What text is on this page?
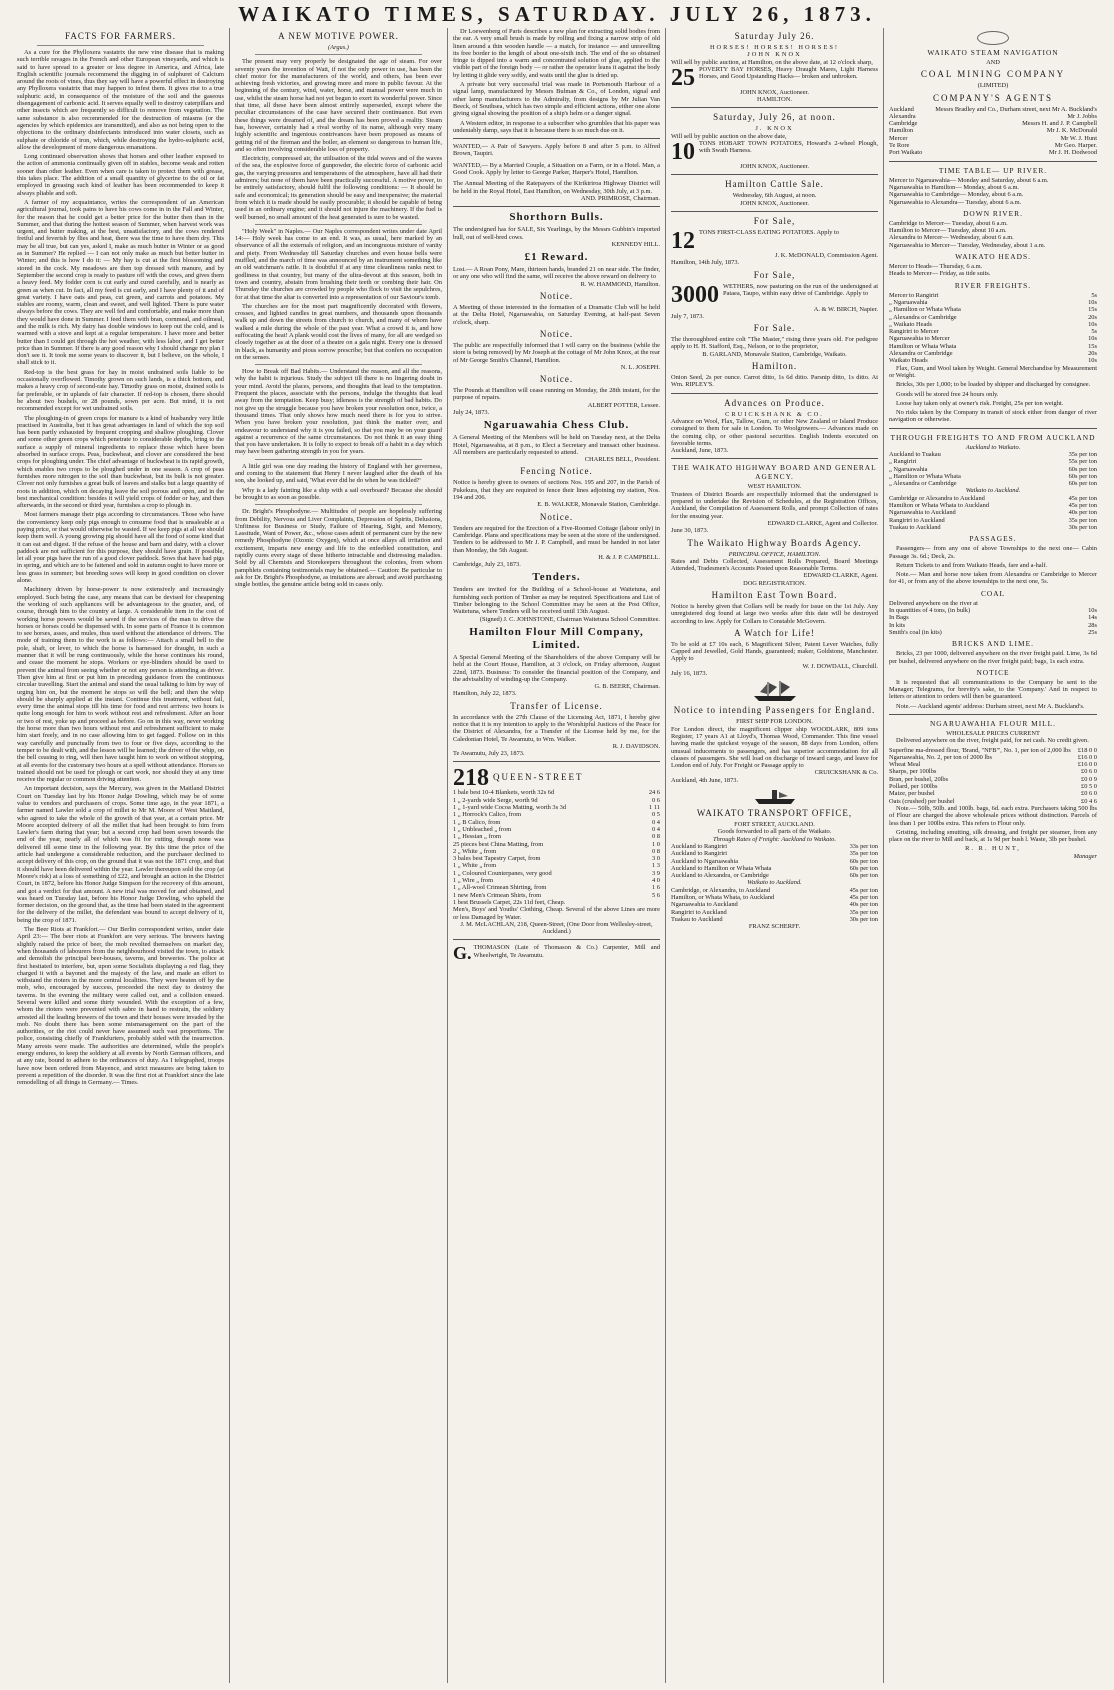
WAIKATO TIMES, SATURDAY. JULY 26, 1873.
FACTS FOR FARMERS.

As a cure for the Phylloxera vastatrix the new vine disease that is making such terrible ravages in the French and other European vineyards, and which is said to have spread to a greater or less degree in America, and Africa, late English scientific journals recommend the digging in of sulphuret of Calcium around the roots of vines, thus they say will have a powerful effect in destroying any Phylloxera vastatrix that may happen to infest them. It gives rise to a true sulphuric acid, in consequence of the moisture of the soil and the gaseous disengagement of carbonic acid. It serves equally well to destroy caterpillars and other insects which are frequently so difficult to remove from vegetation. The same substance is also recommended for the destruction of miasms (or the agencies by which epidemics are transmitted), and also as not being open to the objections to the ordinary disinfectants introduced into water closets, such as sulphate or chloride of iron, which, while destroying the hydro-sulphuric acid, allow the development of more dangerous emanations.

Long continued observation shows that horses and other leather exposed to the action of ammonia continually given off in stables, become weak and rotten sooner than other leather. Even when care is taken to protect them with grease, this takes place. The addition of a small quantity of glycerine to the oil or fat employed in greasing such kind of leather has been recommended to keep it always pliable and soft.

A farmer of my acquaintance, writes the correspondent of an American agricultural journal, took pains to have his cows come in in the Fall and Winter, for the reason that he could get a better price for the butter then than in the Summer, and that during the hottest season of Summer, when harvest work was urgent, and butter making, at the best, unsatisfactory, and the cows rendered fretful and feverish by flies and heat, there was the time to have them dry. This may be all true, but can yes, asked I, make as much butter in Winter or as good as in Summer? He replied — I can not only make as much but better butter in Winter; and this is how I do it: — My hay is cut at the first blossoming and stored in the cock. My meadows are then top dressed with manure, and by September the second crop is ready to pasture off with the cows, and gives them a heavy feed. My fodder corn is cut early and cured carefully, and is nearly as green as when cut. In fact, all my feed is cut early, and I have plenty of it and of great variety. I have oats and peas, cut green, and carrots and potatoes. My stables are roomy, warm, clean and sweet, and well lighted. There is pure water always before the cows. They are well fed and comfortable, and make more than they would have done in Summer. I feed them with bran, cornmeal, and oilmeal, and the milk is rich. My dairy has double windows to keep out the cold, and is warmed with a stove and kept at a regular temperature. I have more and better butter than I could get through the hot weather, with less labor, and I get better price than in Summer. If there is any good reason why I should change my plan I don't see it. It took me some years to discover it, but I believe, on the whole, I shall stick to it.

Red-top is the best grass for hay in moist undrained soils liable to be occasionally overflowed. Timothy grown on such lands, is a thick bottom, and makes a heavy crop of second-rate hay. Timothy grass on moist, drained soils is far preferable, or in uplands of fair character. If red-top is chosen, there should be about two bushels, or 28 pounds, sown per acre. But mind, it is not recommended except for wet undrained soils.

The ploughing-in of green crops for manure is a kind of husbandry very little practised in Australia, but it has great advantages in land of which the top soil has been partly exhausted by frequent cropping and shallow ploughing. Clover and some other green crops which penetrate to considerable depths, bring to the surface a supply of mineral ingredients to replace those which have been absorbed in surface crops. Peas, buckwheat, and clover are considered the best crops for ploughing under. The chief advantage of buckwheat is its rapid growth, which enables two crops to be ploughed under in one season. A crop of peas furnishes more nitrogen to the soil than buckwheat, but its bulk is not greater. Clover not only furnishes a great bulk of leaves and stalks but a large quantity of roots in addition, which on decaying leave the soil porous and open, and in the best mechanical condition: besides it will yield crops of fodder or hay, and then afterwards, in the second or third year, furnishes a crop to plough in.

Most farmers manage their pigs according to circumstances. Those who have the conveniency keep only pigs enough to consume food that is unsaleable at a paying price, or that would otherwise be wasted. If we keep pigs at all we should keep them well. A young growing pig should have all the food of some kind that it can eat and digest. If the refuse of the house and barn and dairy, with a clover paddock are not sufficient for this purpose, they should have grain. If possible, let all your pigs have the run of a good clover paddock. Sows that have had pigs in spring, and which are to be fattened and sold in autumn ought to have more or less grass in summer; but breeding sows will keep in good condition on clover alone.

Machinery driven by horse-power is now extensively and increasingly employed. Such being the case, any means that can be devised for cheapening the working of such appliances will be advantageous to the grazier, and, of course, through him to the country at large. A considerable item in the cost of working horse powers would be saved if the services of the man to drive the horses or horses could be dispensed with. In some parts of France it is common to see horses, asses, and mules, thus used without the attendance of drivers. The mode of training them to the work is as follows:— Attach a small bell to the pole, shaft, or lever, to which the horse is harnessed for draught, in such a manner that it will be rung continuously, while the horse continues his round, and cease the moment he stops. Workers or eye-blinders should be used to prevent the animal from seeing whether or not any person is attending as driver. Then give him at first or put him in preceding guidance from the continuous circular travelling. Start the animal and stand the usual talking to him by way of urging him on, but the moment he stops so will the bell; and then the whip should be sharply applied at the instant. Continue this treatment, without fail, every time the animal stops till his time for food and rest arrives: two hours is quite long enough for him to work without rest and refreshment. After an hour or two of rest, yoke up and proceed as before. Go on in this way, never working the horse more than two hours without rest and refreshment sufficient to make him start freely, and in no case allowing him to get fagged. Follow on in this way carefully and punctually from two to four or five days, according to the temper to be dealt with, and the lesson will be learned; the driver of the whip, on the bell ceasing to ring, will then have taught him to work on without stopping, at all events for the customary two hours at a spell without attendance. Horses so trained should not be used for plough or cart work, nor should they at any time receive the regular or common driving attention.

An important decision, says the Mercury, was given in the Maitland District Court on Tuesday last by his Honor Judge Dowling, which may be of some value to vendors and purchasers of crops. Some time ago, in the year 1871, a farmer named Lawler sold a crop of millet to Mr M. Moore of West Maitland, who agreed to take the whole of the growth of that year, at a certain price. Mr Moore accepted delivery of all the millet that had been brought to him from Lawler's farm during that year; but a second crop had been sown towards the end of the year, nearly all of which was fit for cutting, though none was delivered till some time in the following year. By this time the price of the article had undergone a considerable reduction, and the purchaser declined to accept delivery of this crop, on the ground that it was not the 1871 crop, and that it should have been delivered within the year. Lawler thereupon sold the crop (at Moore's risk) at a loss of something of £22, and brought an action in the District Court, in 1872, before his Honor Judge Simpson for the recovery of this amount, and got a verdict for that amount. A new trial was moved for and obtained, and was heard on Tuesday last, before his Honor Judge Dowling, who upheld the former decision, on the ground that, as the time had been stated in the agreement for the delivery of the millet, the defendant was bound to accept delivery of it, being the crop of 1871.

The Beer Riots at Frankfort.— Our Berlin correspondent writes, under date April 23:— The beer riots at Frankfort are very serious. The brewers having slightly raised the price of beer, the mob revolted themselves on market day, when thousands of labourers from the neighbourhood visited the town, to attack and demolish the principal beer-houses, taverns, and breweries. The police at first hesitated to interfere, but, upon some Socialists displaying a red flag, they charged it with a bayonet and the majesty of the law, and made an effort to withstand the rioters in the more central localities. They were beaten off by the mob, who, encouraged by success, proceeded the next day to destroy the taverns. In the evening the military were called out, and a collision ensued. Several were killed and some thirty wounded. With the exception of a few, whom the rioters were prevented with sabre in hand to restrain, the soldiery arrested all the leading brewers of the town and their houses were invaded by the mob. No doubt there has been some mismanagement on the part of the authorities, or the riot could never have assumed such vast proportions. The police, consisting chiefly of Frankfurters, probably sided with the insurrection. Many arrests were made. The authorities are determined, while the people's energy endures, to keep the soldiery at all events by North German officers, and at any rate, bound to adhere to the ordinances of duty. As I telegraphed, troops have now been ordered from Mayence, and strict measures are being taken to prevent a repetition of the disorder. It was the first riot at Frankfort since the late remodelling of all things in Germany.— Times.

A NEW MOTIVE POWER.
(Argus.)

The present may very properly be designated the age of steam. For over seventy years the invention of Watt, if not the only power in use, has been the chief motor for the manufacturers of the world, and others, has been ever achieving fresh victories, and growing more and more in public favour. At the beginning of the century, wind, water, horse, and manual power were much in use, whilst the steam horse had not yet begun to exert its wonderful power. Since that time, all these have been almost entirely superseded, except where the peculiar circumstances of the case have secured their continuance. But even these things were dreamed of, and the dream has been proved a reality. Steam has, however, certainly had a rival worthy of its name, although very many highly scientific and ingenious contrivances have been proposed as means of getting rid of the fireman and the boiler, an element so dangerous to human life, and so often involving considerable loss of property.

Electricity, compressed air, the utilisation of the tidal waves and of the waves of the sea, the explosive force of gunpowder, the electric force of carbonic acid gas, the varying pressures and temperatures of the atmosphere, have all had their admirers; but none of them have been practically successful. A motive power, to be entirely satisfactory, should fulfil the following conditions: — It should be safe and economical; its generation should be easy and inexpensive; the material from which it is made should be easily procurable; it should be capable of being used in an ordinary engine; and it should not injure the machinery. If the fuel is well burned, no small amount of the heat generated is sure to be wasted.

"Holy Week" in Naples.— Our Naples correspondent writes under date April 14:— Holy week has come to an end. It was, as usual, here marked by an observance of all the externals of religion, and an incongruous mixture of vanity and piety. From Wednesday till Saturday churches and even house bells were muffled, and the march of time was announced by an instrument something like an old watchman's rattle. It is doubtful if at any time cleanliness ranks next to godliness in that country, but many of the ultra-devout at this season, both in town and country, abstain from brushing their teeth or combing their hair. On Thursday the churches are crowded by people who flock to visit the sepulchres, for at that time the altar is converted into a representation of our Saviour's tomb.

The churches are for the most part magnificently decorated with flowers, crosses, and lighted candles in great numbers, and thousands upon thousands walk up and down the streets from church to church, and many of whom have walked a mile during the whole of the past year. What a crowd it is, and how suffocating the heat! A plank would cost the lives of many, for all are wedged so closely together as at the door of a theatre on a gala night. Every one is dressed in black, as humanity and pious sorrow prescribe; but that confers no occupation on the senses.

How to Break off Bad Habits.— Understand the reason, and all the reasons, why the habit is injurious. Study the subject till there is no lingering doubt in your mind. Avoid the places, persons, and thoughts that lead to the temptation. Frequent the places, associate with the persons, indulge the thoughts that lead away from the temptation. Keep busy; idleness is the strength of bad habits. Do not give up the struggle because you have broken your resolution once, twice, a thousand times. That only shows how much need there is for you to strive. When you have broken your resolution, just think the matter over, and endeavour to understand why it is you failed, so that you may be on your guard against a recurrence of the same circumstances. Do not think it an easy thing that you have undertaken. It is folly to expect to break off a habit in a day which may have been gathering strength in you for years.

A little girl was one day reading the history of England with her governess, and coming to the statement that Henry I never laughed after the death of his son, she looked up, and said, 'What ever did he do when he was tickled?'

Why is a lady fainting like a ship with a sail overboard? Because she should be brought to as soon as possible.

Dr. Bright's Phosphodyne.— Multitudes of people are hopelessly suffering from Debility, Nervous and Liver Complaints, Depression of Spirits, Delusions, Unfitness for Business or Study, Failure of Hearing, Sight, and Memory, Lassitude, Want of Power, &c., whose cases admit of permanent cure by the new remedy Phosphodyne (Ozonic Oxygen), which at once allays all irritation and excitement, imparts new energy and life to the enfeebled constitution, and rapidly cures every stage of these hitherto intractable and distressing maladies. Sold by all Chemists and Storekeepers throughout the colonies, from whom pamphlets containing testimonials may be obtained.— Caution: Be particular to ask for Dr. Bright's Phosphodyne, as imitations are abroad; and avoid purchasing single bottles, the genuine article being sold in cases only.

Dr Loewenberg of Paris describes a new plan for extracting solid bodies from the ear. A very small brush is made by rolling and fixing a narrow strip of old linen around a thin wooden handle — a match, for instance — and unravelling its free border to the length of about one-sixth inch. The end of the so obtained fringe is dipped into a warm and concentrated solution of glue, applied to the visible part of the foreign body — or rather the operator leans it against the body by letting it glide very softly, and waits until the glue is dried up.

A private but very successful trial was made in Portsmouth Harbour of a signal lamp, manufactured by Messrs Bulman & Co., of London, signal and other lamp manufacturers to the Admiralty, from designs by Mr Julian Van Beeck, of Southsea, which has two simple and efficient actions, either one alone giving signal showing the position of a ship's helm or a danger signal.

A Western editor, in response to a subscriber who grumbles that his paper was undeniably damp, says that it is because there is so much due on it.

WANTED,— A Pair of Sawyers. Apply before 8 and after 5 p.m. to Alfred Brown, Taupiri.
WANTED,— By a Married Couple, a Situation on a Farm, or in a Hotel. Man, a Good Cook. Apply by letter to George Parker, Harper's Hotel, Hamilton.
The Annual Meeting of the Ratepayers of the Kirikiriroa Highway District will be held in the Royal Hotel, East Hamilton, on Wednesday, 30th July, at 3 p.m.
AND. PRIMROSE, Chairman.
Shorthorn Bulls.
The undersigned has for SALE, Six Yearlings, by the Messrs Gubbin's imported bull, out of well-bred cows.
KENNEDY HILL.
£1 Reward.
Lost.— A Roan Pony, Mare, thirteen hands, branded 21 on near side. The finder, or any one who will find the same, will receive the above reward on delivery to
R. W. HAMMOND, Hamilton.
Notice.
A Meeting of those interested in the formation of a Dramatic Club will be held at the Delta Hotel, Ngaruawahia, on Saturday Evening, at half-past Seven o'clock, sharp.
Notice.
The public are respectfully informed that I will carry on the business (while the store is being removed) by Mr Joseph at the cottage of Mr John Knox, at the rear of Mr George Smith's Channel, Hamilton.
N. L. JOSEPH.
Notice.
The Pounds at Hamilton will cease running on Monday, the 28th instant, for the purpose of repairs.
ALBERT POTTER, Lessee.
July 24, 1873.
Ngaruawahia Chess Club.
A General Meeting of the Members will be held on Tuesday next, at the Delta Hotel, Ngaruawahia, at 8 p.m., to Elect a Secretary and transact other business. All members are particularly requested to attend.
CHARLES BELL, President.
Fencing Notice.
Notice is hereby given to owners of sections Nos. 195 and 207, in the Parish of Pukekura, that they are required to fence their lines adjoining my station, Nos. 194 and 206.
E. B. WALKER, Monavale Station, Cambridge.
Notice.
Tenders are required for the Erection of a Five-Roomed Cottage (labour only) in Cambridge. Plans and specifications may be seen at the store of the undersigned. Tenders to be addressed to Mr J. P. Campbell, and must be handed in not later than Monday, the 5th August.
H. & J. P. CAMPBELL.
Cambridge, July 23, 1873.
Tenders.
Tenders are invited for the Building of a School-house at Waitetuna, and furnishing such portion of Timber as may be required. Specifications and List of Timber belonging to the School Committee may be seen at the Post Office, Waitetuna, where Tenders will be received until 13th August.
(Signed) J. C. JOHNSTONE, Chairman Waitetuna School Committee.
Hamilton Flour Mill Company, Limited.
A Special General Meeting of the Shareholders of the above Company will be held at the Court House, Hamilton, at 3 o'clock, on Friday afternoon, August 22nd, 1873. Business: To consider the financial position of the Company, and the advisability of winding-up the Company.
G. B. BEERE, Chairman.
Hamilton, July 22, 1873.
Transfer of License.
In accordance with the 27th Clause of the Licensing Act, 1871, I hereby give notice that it is my intention to apply to the Worshipful Justices of the Peace for the District of Alexandra, for a Transfer of the License held by me, for the Caledonian Hotel, Te Awamutu, to Wm. Walker.
R. J. DAVIDSON.
Te Awamutu, July 23, 1873.
218 QUEEN-STREET
1 bale best 10-4 Blankets, worth 32s 6d	24 6
1 „ 2-yards wide Serge, worth 9d	0 6
1 „ 1-yard wide Cocoa Matting, worth 3s 3d	1 11
1 „ Horrock's Calico, from	0 5
1 „ B Calico, from	0 4
1 „ Unbleached „ from	0 4
1 „ Hessian „ from	0 8
25 pieces best China Matting, from	1 0
2 „ White „ from	0 8
3 bales best Tapestry Carpet, from	3 0
1 „ White „ from	1 3
1 „ Coloured Counterpanes, very good	3 9
1 „ Wire „ from	4 0
1 „ All-wool Crimean Shirting, from	1 6
1 new Men's Crimean Shirts, from	5 6
1 best Brussels Carpet, 22s 11d feet, Cheap.
Men's, Boys' and Youths' Clothing, Cheap. Several of the above Lines are more or less Damaged by Water.
J. M. McLACHLAN, 218, Queen-Street, (One Door from Wellesley-street, Auckland.)
G. THOMASON (Late of Thomason & Co.) Carpenter, Mill and Wheelwright, Te Awamutu.
Saturday July 26.
HORSES! HORSES! HORSES!
JOHN KNOX
Will sell by public auction, at Hamilton, on the above date, at 12 o'clock sharp,
25 POVERTY BAY HORSES, Heavy Draught Mares, Light Harness Horses, and Good Upstanding Hacks— broken and unbroken.
JOHN KNOX, Auctioneer.
HAMILTON.
Saturday, July 26, at noon.
J. KNOX
Will sell by public auction on the above date,
10 TONS HOBART TOWN POTATOES, Howard's 2-wheel Plough, with Swath Harness.
JOHN KNOX, Auctioneer.
Hamilton Cattle Sale.
Wednesday, 6th August, at noon.
JOHN KNOX, Auctioneer.
For Sale,
12 TONS FIRST-CLASS EATING POTATOES. Apply to
J. K. McDONALD, Commission Agent.
Hamilton, 14th July, 1873.
For Sale,
3000 WETHERS, now pasturing on the run of the undersigned at Pataea, Taupo, within easy drive of Cambridge. Apply to
A. & W. BIRCH, Napier.
July 7, 1873.
For Sale.
The thoroughbred entire colt "The Master," rising three years old. For pedigree apply to H. H. Stafford, Esq., Nelson, or to the proprietor,
B. GARLAND, Monavale Station, Cambridge, Waikato.
Hamilton.
Onion Seed, 2s per ounce. Carrot ditto, 1s 6d ditto. Parsnip ditto, 1s ditto. At Wm. RIPLEY'S.
Advances on Produce.
CRUICKSHANK & CO.
Advance on Wool, Flax, Tallow, Gum, or other New Zealand or Island Produce consigned to them for sale in London. To Woolgrowers.— Advances made on the coming clip, or other pastoral securities. English Indents executed on favorable terms.
Auckland, June, 1873.
THE WAIKATO HIGHWAY BOARD AND GENERAL AGENCY.
WEST HAMILTON.
Trustees of District Boards are respectfully informed that the undersigned is prepared to undertake the Revision of Schedules, at the Registration Offices, Auckland, the Compilation of Assessment Rolls, and prompt Collection of rates for the ensuing year.
EDWARD CLARKE, Agent and Collector.
June 30, 1873.
The Waikato Highway Boards Agency.
PRINCIPAL OFFICE, HAMILTON.
Rates and Debts Collected, Assessment Rolls Prepared, Board Meetings Attended, Tradesmen's Accounts Posted upon Reasonable Terms.
EDWARD CLARKE, Agent.
DOG REGISTRATION.
Hamilton East Town Board.
Notice is hereby given that Collars will be ready for issue on the 1st July. Any unregistered dog found at large two weeks after this date will be destroyed according to law. Apply for Collars to Constable McGovern.
A Watch for Life!
To be sold at £7 10s each, 6 Magnificent Silver, Patent Lever Watches, fully Capped and Jewelled, Gold Hands, guaranteed; maker, Goldstone, Manchester. Apply to
W. J. DOWDALL, Churchill.
July 16, 1873.
Notice to intending Passengers for England.
FIRST SHIP FOR LONDON.
For London direct, the magnificent clipper ship WOODLARK, 809 tons Register, 17 years A1 at Lloyd's, Thomas Wood, Commander. This fine vessel having made the quickest voyage of the season, 88 days from London, offers unusual inducements to passengers, and has superior accommodation for all classes of passengers. She will load on discharge of inward cargo, and leave for London end of July. For Freight or Passage apply to
CRUICKSHANK & Co.
Auckland, 4th June, 1873.
WAIKATO TRANSPORT OFFICE,
FORT STREET, AUCKLAND.
Goods forwarded to all parts of the Waikato.
Through Rates of Freight: Auckland to Waikato.
Auckland to Rangiriri	33s per ton
Auckland to Rangiriri	35s per ton
Auckland to Ngaruawahia	60s per ton
Auckland to Hamilton or Whata Whata	60s per ton
Auckland to Alexandra, or Cambridge	60s per ton
Waikato to Auckland.
Cambridge, or Alexandra, to Auckland	45s per ton
Hamilton, or Whata Whata, to Auckland	45s per ton
Ngaruawahia to Auckland	40s per ton
Rangiriri to Auckland	35s per ton
Tuakau to Auckland	30s per ton
FRANZ SCHERFF.
WAIKATO STEAM NAVIGATION
AND
COAL MINING COMPANY
(LIMITED)
COMPANY'S AGENTS
Auckland	Messrs Bradley and Co., Durham street, next Mr A. Buckland's
Alexandra	Mr J. Jobbs
Cambridge	Messrs H. and J. P. Campbell
Hamilton	Mr J. K. McDonald
Mercer	Mr W. J. Hunt
Te Rore	Mr Geo. Harper.
Port Waikato	Mr J. H. Dodwood
TIME TABLE— UP RIVER.
Mercer to Ngaruawahia— Monday and Saturday, about 6 a.m.
Ngaruawahia to Hamilton— Monday, about 6 a.m.
Ngaruawahia to Cambridge— Monday, about 6 a.m.
Ngaruawahia to Alexandra— Tuesday, about 6 a.m.
DOWN RIVER.
Cambridge to Mercer— Tuesday, about 6 a.m.
Hamilton to Mercer— Tuesday, about 10 a.m.
Alexandra to Mercer— Wednesday, about 6 a.m.
Ngaruawahia to Mercer— Tuesday, Wednesday, about 1 a.m.
WAIKATO HEADS.
Mercer to Heads— Thursday, 6 a.m.
Heads to Mercer— Friday, as tide suits.
RIVER FREIGHTS.
Mercer to Rangiriri	5s
„ Ngaruawahia	10s
„ Hamilton or Whata Whata	15s
„ Alexandra or Cambridge	20s
„ Waikato Heads	10s
Rangiriri to Mercer	5s
Ngaruawahia to Mercer	10s
Hamilton or Whata Whata	15s
Alexandra or Cambridge	20s
Waikato Heads	10s

Flax, Gum, and Wool taken by Weight. General Merchandise by Measurement or Weight.

Bricks, 30s per 1,000; to be loaded by shipper and discharged by consignee.

Goods will be stored free 24 hours only.

Loose hay taken only at owner's risk. Freight, 25s per ton weight.

No risks taken by the Company in transit of stock either from danger of river navigation or otherwise.

THROUGH FREIGHTS TO AND FROM AUCKLAND
Auckland to Waikato.
Auckland to Tuakau	35s per ton
„ Rangiriri	55s per ton
„ Ngaruawahia	60s per ton
„ Hamilton or Whata Whata	60s per ton
„ Alexandra or Cambridge	60s per ton
Waikato to Auckland.
Cambridge or Alexandra to Auckland	45s per ton
Hamilton or Whata Whata to Auckland	45s per ton
Ngaruawahia to Auckland	40s per ton
Rangiriri to Auckland	35s per ton
Tuakau to Auckland	30s per ton
PASSAGES.

Passengers— from any one of above Townships to the next one— Cabin Passage 3s. 6d.; Deck, 2s.

Return Tickets to and from Waikato Heads, fare and a-half.

Note.— Man and horse now taken from Alexandra or Cambridge to Mercer for 41, or from any of the above townships to the next one, 5s.

COAL
Delivered anywhere on the river at
In quantities of 4 tons, (in bulk)	10s
In Bags	14s
In kits	28s
Smith's coal (in kits)	25s
BRICKS AND LIME.

Bricks, 23 per 1000, delivered anywhere on the river freight paid. Lime, 3s 6d per bushel, delivered anywhere on the river freight paid; bags, 1s each extra.

NOTICE

It is requested that all communications to the Company be sent to the Manager; Telegrams, for brevity's sake, to the 'Company.' And in respect to letters or attention to orders will then be guaranteed.

Note.— Auckland agents' address: Durham street, next Mr A. Buckland's.

NGARUAWAHIA FLOUR MILL.
WHOLESALE PRICES CURRENT

Delivered anywhere on the river, freight paid, for net cash. No credit given.

Superfine ma-dressed flour, 'Brand, "NFB"', No. 1, per ton of 2,000 lbs £18 0 0
Ngaruawahia, No. 2, per ton of 2000 lbs	£16 0 0
Wheat Meal	£16 0 0
Sharps, per 100lbs	£0 6 0
Bran, per bushel, 20lbs	£0 0 9
Pollard, per 100lbs	£0 5 0
Maize, per bushel	£0 6 0
Oats (crushed) per bushel	£0 4 6

Note.— 50lb, 50lb. and 100lb. bags, 6d. each extra. Purchasers taking 500 lbs of Flour are charged the above wholesale prices without distinction. Parcels of less than 1 per 100lbs extra. This refers to Flour only.

Gristing, including smutting, silk dressing, and freight per steamer, from any place on the river to Mill and back, at 1s 9d per bush l. Waste, 3lb per bushel.

R. R. HUNT,
Manager
